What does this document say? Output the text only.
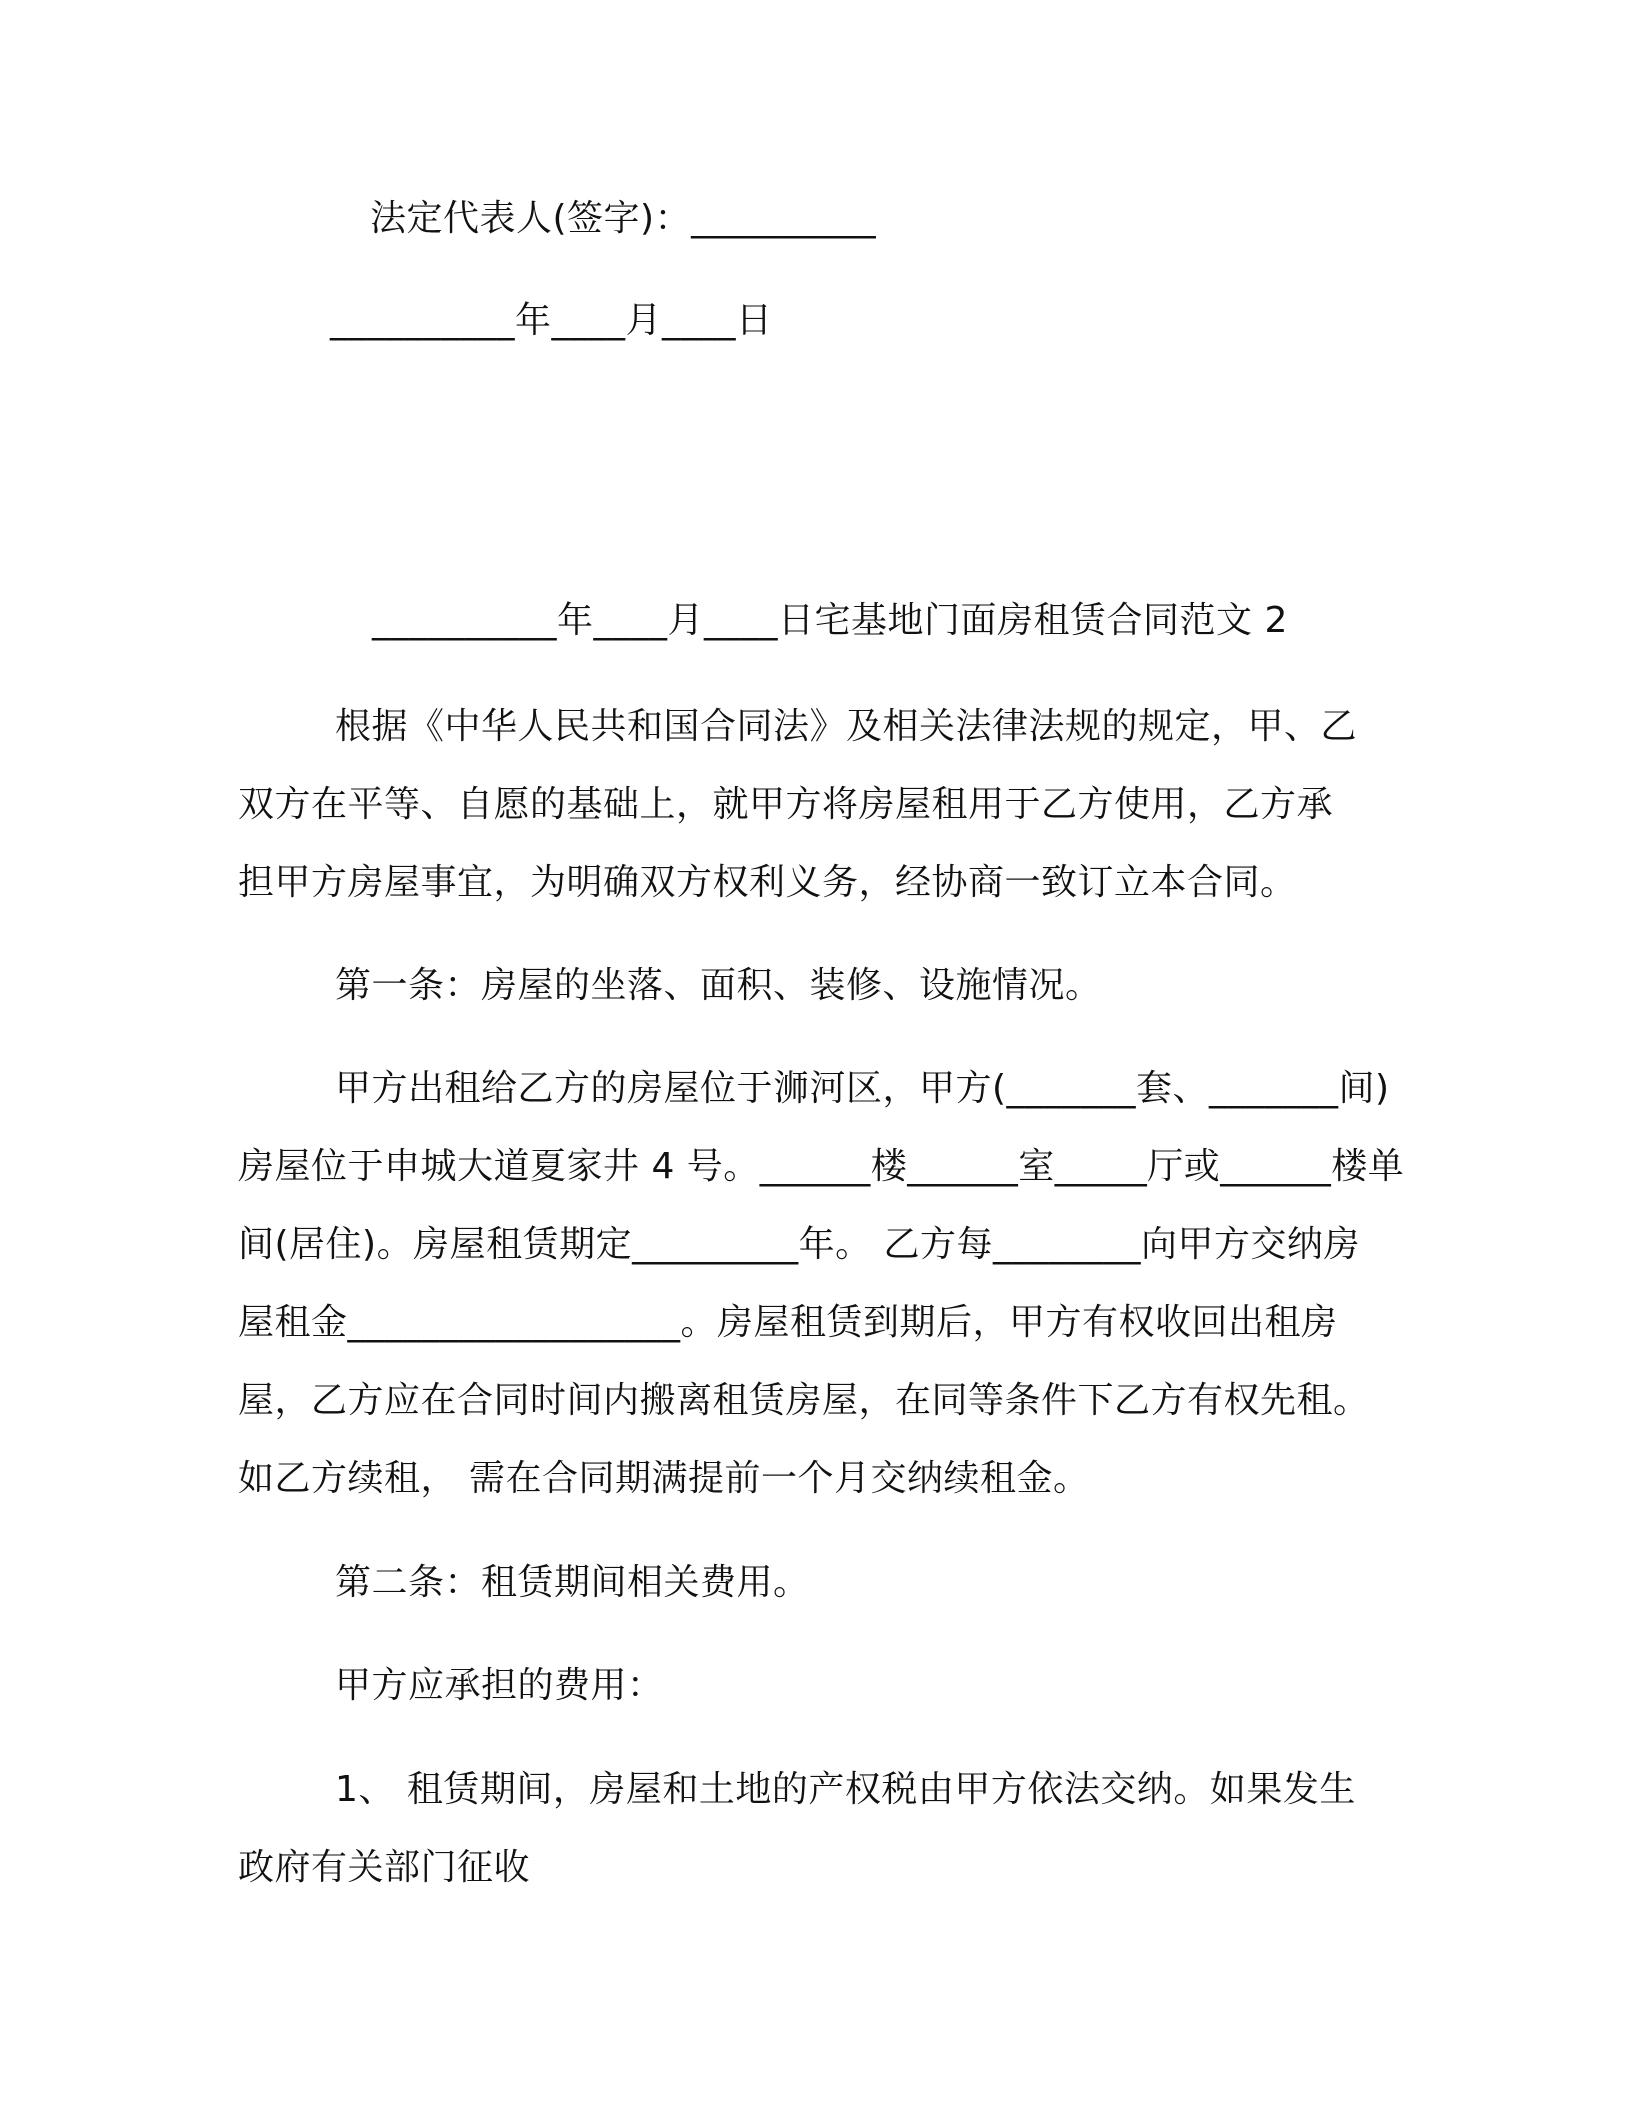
法定代表人(签字)：__________
__________年____月____日
__________年____月____日宅基地门面房租赁合同范文 2
根据《中华人民共和国合同法》及相关法律法规的规定，甲、乙
双方在平等、自愿的基础上，就甲方将房屋租用于乙方使用，乙方承
担甲方房屋事宜，为明确双方权利义务，经协商一致订立本合同。
第一条：房屋的坐落、面积、装修、设施情况。
甲方出租给乙方的房屋位于浉河区，甲方(_______套、_______间)
房屋位于申城大道夏家井 4 号。______楼______室_____厅或______楼单
间(居住)。房屋租赁期定_________年。 乙方每________向甲方交纳房
屋租金__________________。房屋租赁到期后，甲方有权收回出租房
屋，乙方应在合同时间内搬离租赁房屋，在同等条件下乙方有权先租。
如乙方续租， 需在合同期满提前一个月交纳续租金。
第二条：租赁期间相关费用。
甲方应承担的费用：
1、 租赁期间，房屋和土地的产权税由甲方依法交纳。如果发生
政府有关部门征收
